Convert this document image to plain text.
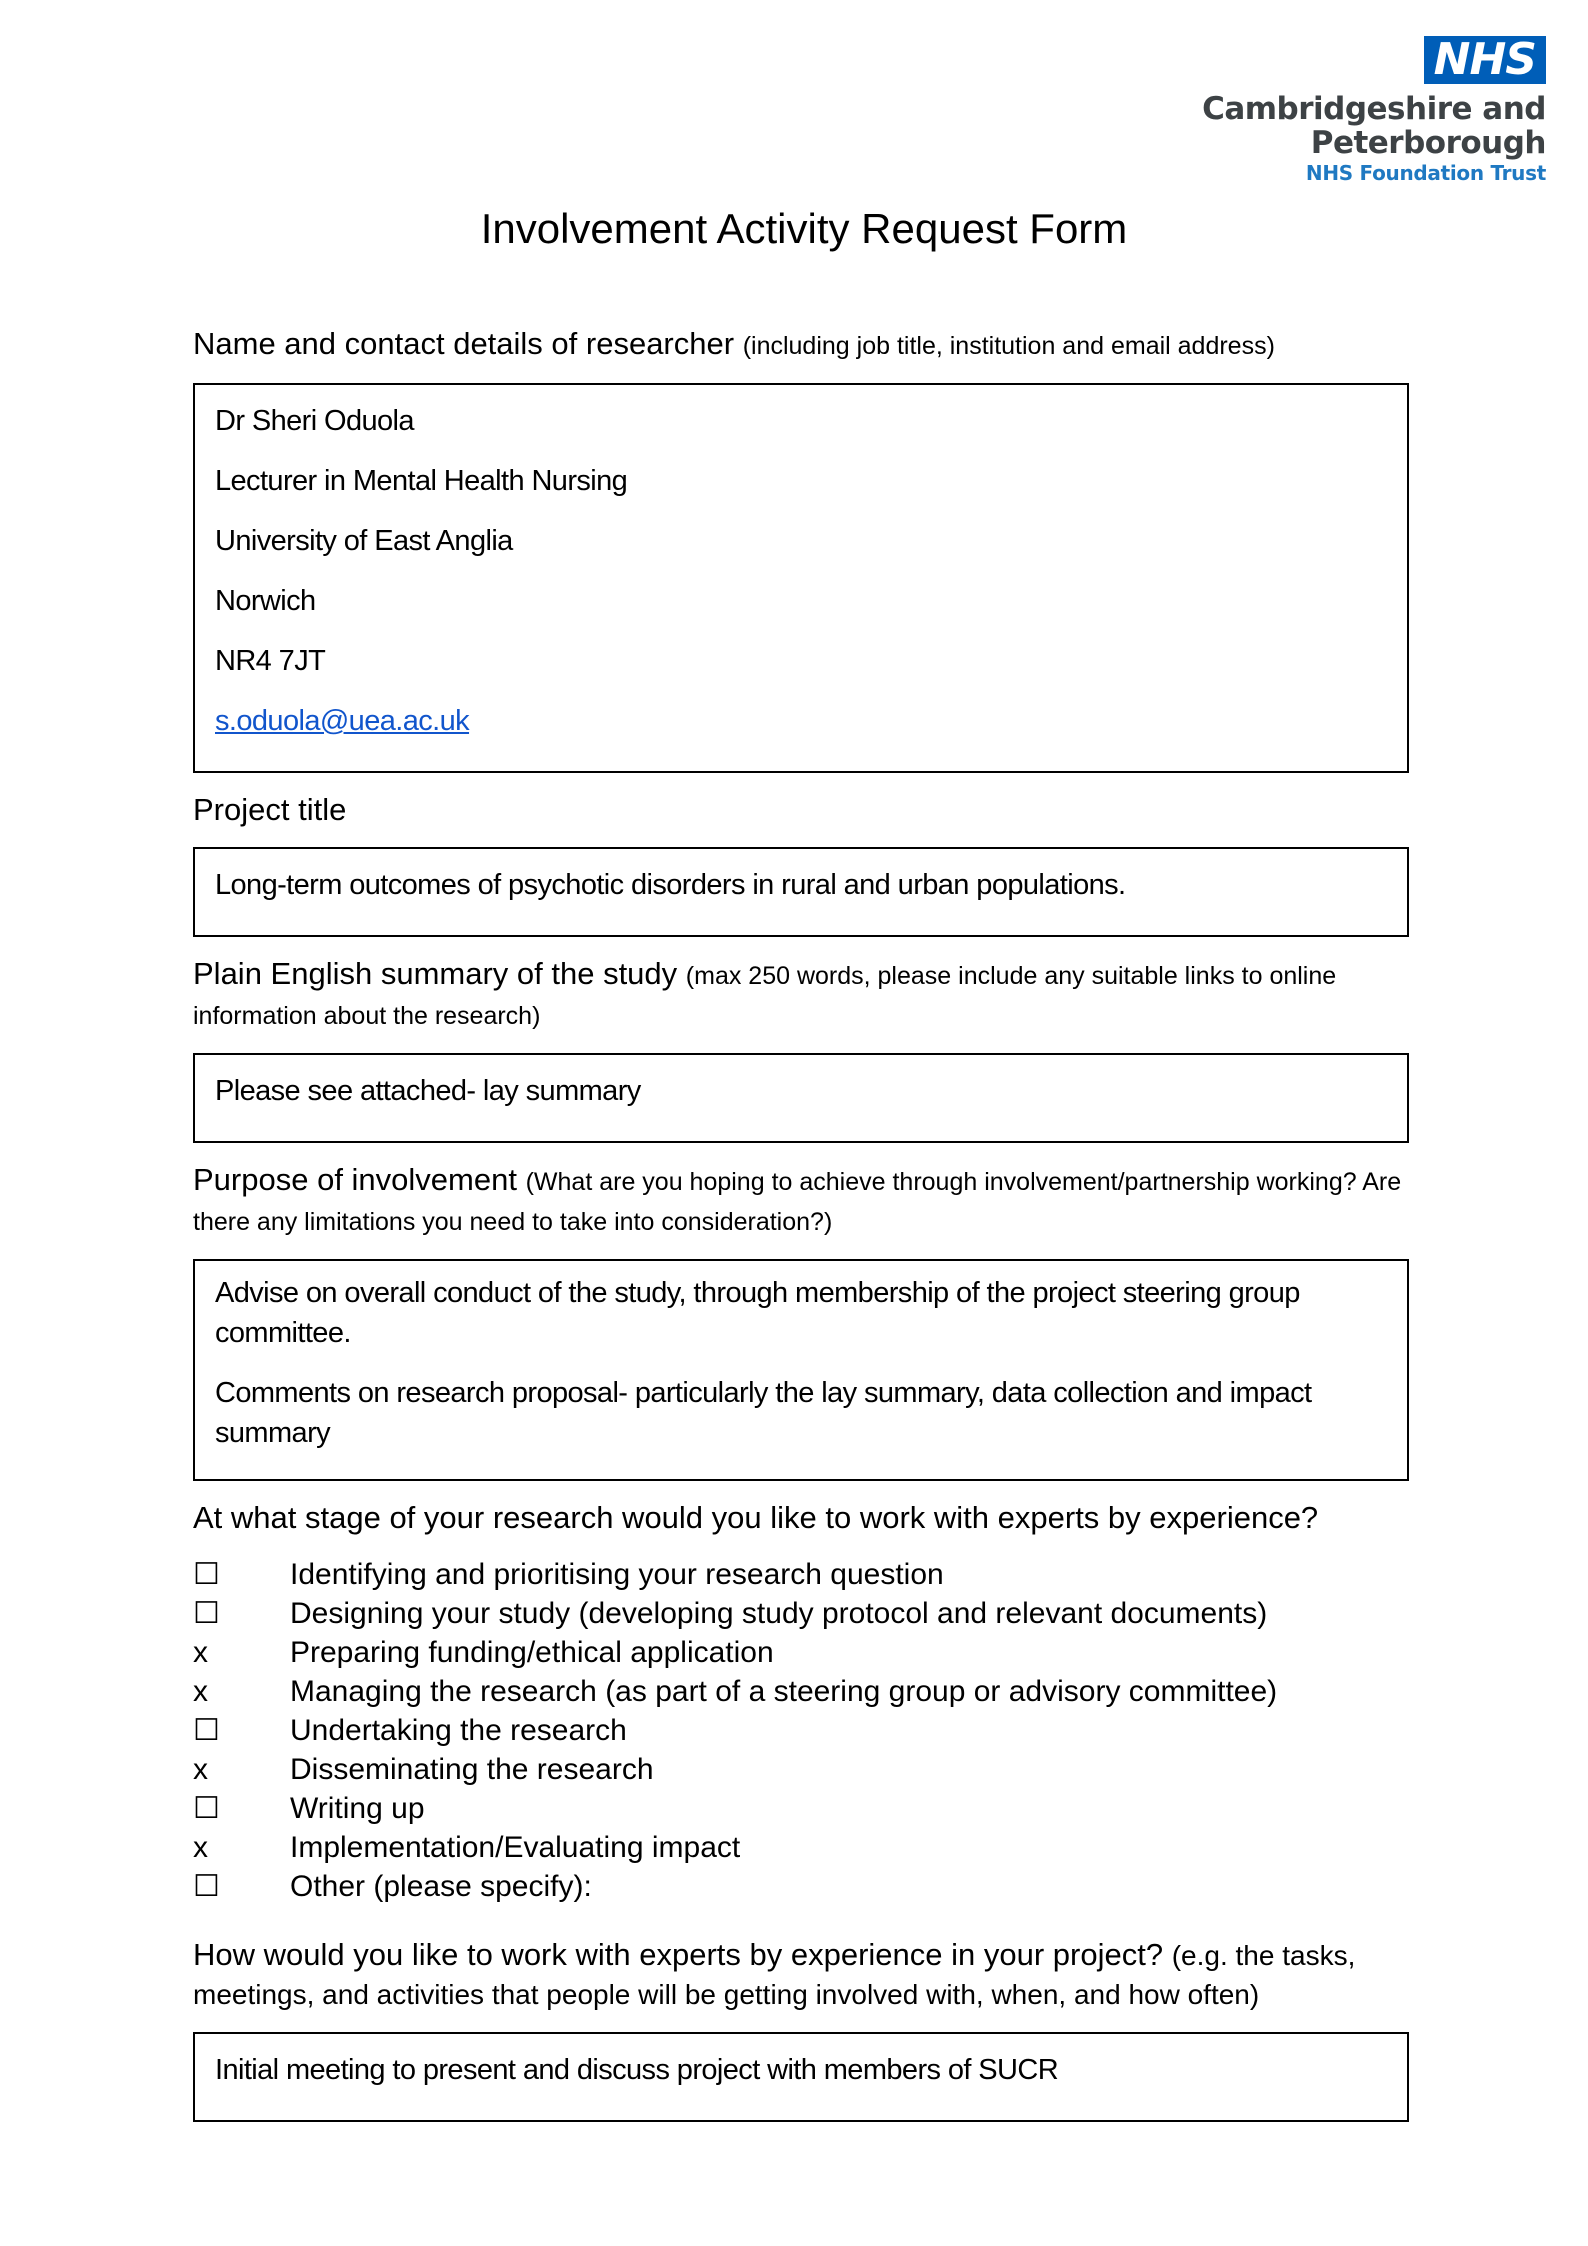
NHS
Cambridgeshire and
Peterborough
NHS Foundation Trust
Involvement Activity Request Form

Name and contact details of researcher (including job title, institution and email address)

Dr Sheri Oduola

Lecturer in Mental Health Nursing

University of East Anglia

Norwich

NR4 7JT

s.oduola@uea.ac.uk

Project title

Long-term outcomes of psychotic disorders in rural and urban populations.

Plain English summary of the study (max 250 words, please include any suitable links to online
information about the research)

Please see attached- lay summary

Purpose of involvement (What are you hoping to achieve through involvement/partnership working? Are
there any limitations you need to take into consideration?)

Advise on overall conduct of the study, through membership of the project steering group committee.

Comments on research proposal- particularly the lay summary, data collection and impact summary

At what stage of your research would you like to work with experts by experience?

☐	Identifying and prioritising your research question
☐	Designing your study (developing study protocol and relevant documents)
x	Preparing funding/ethical application
x	Managing the research (as part of a steering group or advisory committee)
☐	Undertaking the research
x	Disseminating the research
☐	Writing up
x	Implementation/Evaluating impact
☐	Other (please specify):

How would you like to work with experts by experience in your project? (e.g. the tasks,
meetings, and activities that people will be getting involved with, when, and how often)

Initial meeting to present and discuss project with members of SUCR
